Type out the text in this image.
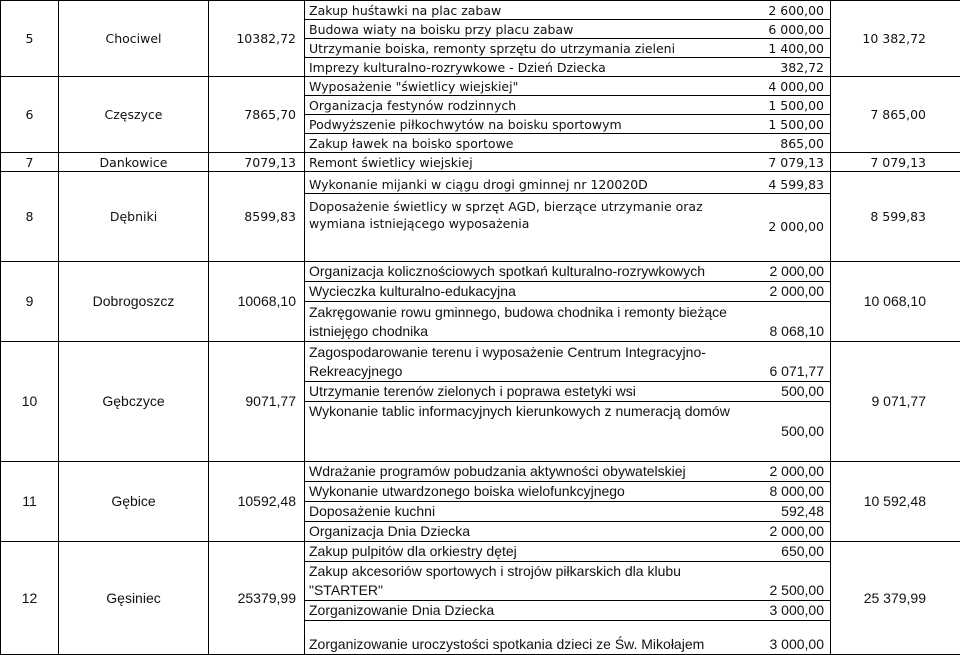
5	Chociwel	10382,72	Zakup huśtawki na plac zabaw	2 600,00	10 382,72
			Budowa wiaty na boisku przy placu zabaw	6 000,00	
			Utrzymanie boiska, remonty sprzętu do utrzymania zieleni	1 400,00	
			Imprezy kulturalno-rozrywkowe - Dzień Dziecka	382,72	
6	Częszyce	7865,70	Wyposażenie "świetlicy wiejskiej"	4 000,00	7 865,00
			Organizacja festynów rodzinnych	1 500,00	
			Podwyższenie piłkochwytów na boisku sportowym	1 500,00	
			Zakup ławek na boisko sportowe	865,00	
7	Dankowice	7079,13	Remont świetlicy wiejskiej	7 079,13	7 079,13
8	Dębniki	8599,83	Wykonanie mijanki w ciągu drogi gminnej nr 120020D	4 599,83	8 599,83
			Doposażenie świetlicy w sprzęt AGD, bierzące utrzymanie oraz wymiana istniejącego wyposażenia	2 000,00	
9	Dobrogoszcz	10068,10	Organizacja kolicznościowych spotkań kulturalno-rozrywkowych	2 000,00	10 068,10
			Wycieczka kulturalno-edukacyjna	2 000,00	
			Zakręgowanie rowu gminnego, budowa chodnika i remonty bieżące istniejęgo chodnika	8 068,10	
10	Gębczyce	9071,77	Zagospodarowanie terenu i wyposażenie Centrum Integracyjno-Rekreacyjnego	6 071,77	9 071,77
			Utrzymanie terenów zielonych i poprawa estetyki wsi	500,00	
			Wykonanie tablic informacyjnych kierunkowych z numeracją domów	500,00	
11	Gębice	10592,48	Wdrażanie programów pobudzania aktywności obywatelskiej	2 000,00	10 592,48
			Wykonanie utwardzonego boiska wielofunkcyjnego	8 000,00	
			Doposażenie kuchni	592,48	
			Organizacja Dnia Dziecka	2 000,00	
12	Gęsiniec	25379,99	Zakup pulpitów dla orkiestry dętej	650,00	25 379,99
			Zakup akcesoriów sportowych i strojów piłkarskich dla klubu "STARTER"	2 500,00	
			Zorganizowanie Dnia Dziecka	3 000,00	
			Zorganizowanie uroczystości spotkania dzieci ze Św. Mikołajem	3 000,00	
